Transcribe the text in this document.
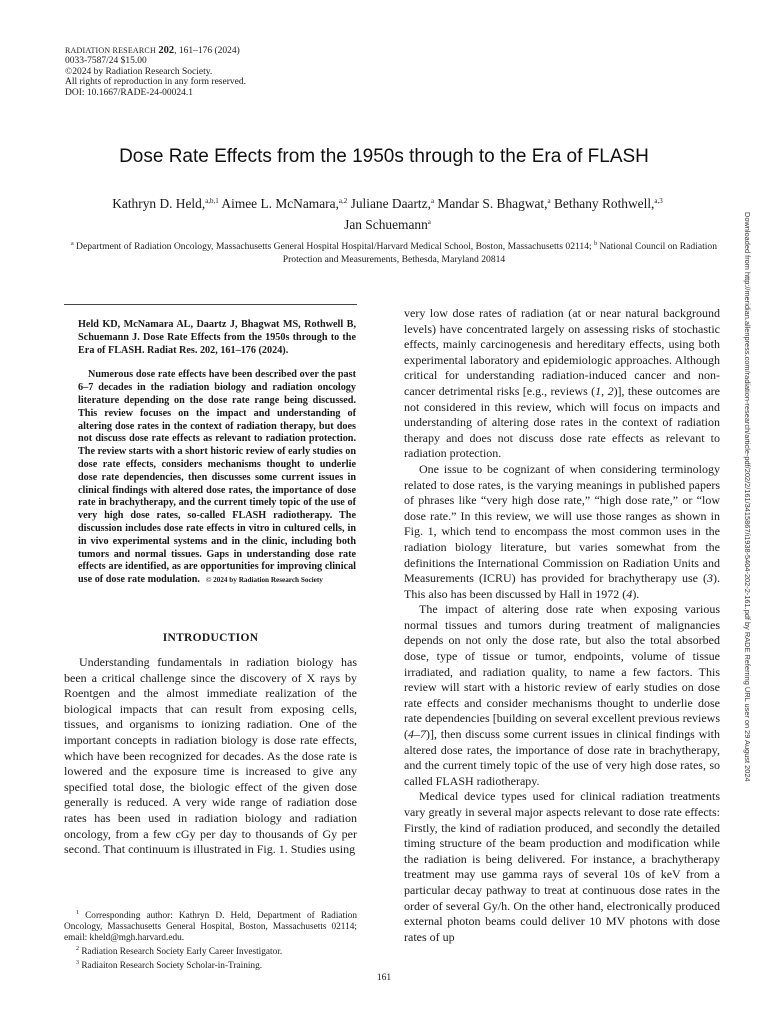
RADIATION RESEARCH 202, 161–176 (2024)
0033-7587/24 $15.00
©2024 by Radiation Research Society.
All rights of reproduction in any form reserved.
DOI: 10.1667/RADE-24-00024.1
Dose Rate Effects from the 1950s through to the Era of FLASH
Kathryn D. Held,$^{a,b,1}$ Aimee L. McNamara,$^{a,2}$ Juliane Daartz,$^a$ Mandar S. Bhagwat,$^a$ Bethany Rothwell,$^{a,3}$
Jan Schuemann$^a$
$^a$ Department of Radiation Oncology, Massachusetts General Hospital Hospital/Harvard Medical School, Boston, Massachusetts 02114; $^b$ National Council on Radiation Protection and Measurements, Bethesda, Maryland 20814

Held KD, McNamara AL, Daartz J, Bhagwat MS, Rothwell B, Schuemann J. Dose Rate Effects from the 1950s through to the Era of FLASH. Radiat Res. 202, 161–176 (2024).

Numerous dose rate effects have been described over the past 6–7 decades in the radiation biology and radiation oncology literature depending on the dose rate range being discussed. This review focuses on the impact and understanding of altering dose rates in the context of radiation therapy, but does not discuss dose rate effects as relevant to radiation protection. The review starts with a short historic review of early studies on dose rate effects, considers mechanisms thought to underlie dose rate dependencies, then discusses some current issues in clinical findings with altered dose rates, the importance of dose rate in brachytherapy, and the current timely topic of the use of very high dose rates, so-called FLASH radiotherapy. The discussion includes dose rate effects in vitro in cultured cells, in in vivo experimental systems and in the clinic, including both tumors and normal tissues. Gaps in understanding dose rate effects are identified, as are opportunities for improving clinical use of dose rate modulation. © 2024 by Radiation Research Society

INTRODUCTION

Understanding fundamentals in radiation biology has been a critical challenge since the discovery of X rays by Roentgen and the almost immediate realization of the biological impacts that can result from exposing cells, tissues, and organisms to ionizing radiation. One of the important concepts in radiation biology is dose rate effects, which have been recognized for decades. As the dose rate is lowered and the exposure time is increased to give any specified total dose, the biologic effect of the given dose generally is reduced. A very wide range of radiation dose rates has been used in radiation biology and radiation oncology, from a few cGy per day to thousands of Gy per second. That continuum is illustrated in Fig. 1. Studies using

very low dose rates of radiation (at or near natural background levels) have concentrated largely on assessing risks of stochastic effects, mainly carcinogenesis and hereditary effects, using both experimental laboratory and epidemiologic approaches. Although critical for understanding radiation-induced cancer and non-cancer detrimental risks [e.g., reviews (1, 2)], these outcomes are not considered in this review, which will focus on impacts and understanding of altering dose rates in the context of radiation therapy and does not discuss dose rate effects as relevant to radiation protection.

One issue to be cognizant of when considering terminology related to dose rates, is the varying meanings in published papers of phrases like “very high dose rate,” “high dose rate,” or “low dose rate.” In this review, we will use those ranges as shown in Fig. 1, which tend to encompass the most common uses in the radiation biology literature, but varies somewhat from the definitions the International Commission on Radiation Units and Measurements (ICRU) has provided for brachytherapy use (3). This also has been discussed by Hall in 1972 (4).

The impact of altering dose rate when exposing various normal tissues and tumors during treatment of malignancies depends on not only the dose rate, but also the total absorbed dose, type of tissue or tumor, endpoints, volume of tissue irradiated, and radiation quality, to name a few factors. This review will start with a historic review of early studies on dose rate effects and consider mechanisms thought to underlie dose rate dependencies [building on several excellent previous reviews (4–7)], then discuss some current issues in clinical findings with altered dose rates, the importance of dose rate in brachytherapy, and the current timely topic of the use of very high dose rates, so called FLASH radiotherapy.

Medical device types used for clinical radiation treatments vary greatly in several major aspects relevant to dose rate effects: Firstly, the kind of radiation produced, and secondly the detailed timing structure of the beam production and modification while the radiation is being delivered. For instance, a brachytherapy treatment may use gamma rays of several 10s of keV from a particular decay pathway to treat at continuous dose rates in the order of several Gy/h. On the other hand, electronically produced external photon beams could deliver 10 MV photons with dose rates of up

$^1$ Corresponding author: Kathryn D. Held, Department of Radiation Oncology, Massachusetts General Hospital, Boston, Massachusetts 02114; email: kheld@mgh.harvard.edu.

$^2$ Radiation Research Society Early Career Investigator.

$^3$ Radiaiton Research Society Scholar-in-Training.

161
Downloaded from http://meridian.allenpress.com/radiation-research/article-pdf/202/2/161/3415867/i1938-5404-202-2-161.pdf by RADE Referring URL user on 29 August 2024
